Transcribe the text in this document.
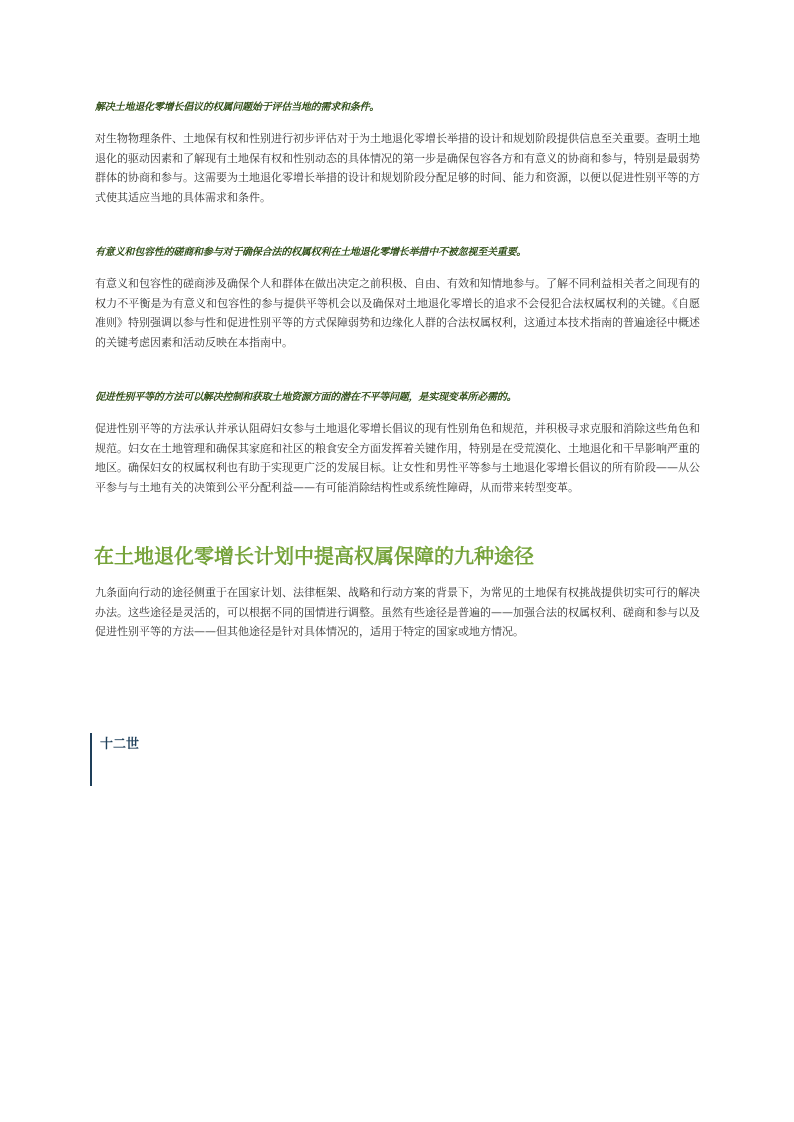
解决土地退化零增长倡议的权属问题始于评估当地的需求和条件。

对生物物理条件、土地保有权和性别进行初步评估对于为土地退化零增长举措的设计和规划阶段提供信息至关重要。查明土地退化的驱动因素和了解现有土地保有权和性别动态的具体情况的第一步是确保包容各方和有意义的协商和参与，特别是最弱势群体的协商和参与。这需要为土地退化零增长举措的设计和规划阶段分配足够的时间、能力和资源，以便以促进性别平等的方式使其适应当地的具体需求和条件。

有意义和包容性的磋商和参与对于确保合法的权属权利在土地退化零增长举措中不被忽视至关重要。

有意义和包容性的磋商涉及确保个人和群体在做出决定之前积极、自由、有效和知情地参与。了解不同利益相关者之间现有的权力不平衡是为有意义和包容性的参与提供平等机会以及确保对土地退化零增长的追求不会侵犯合法权属权利的关键。《自愿准则》特别强调以参与性和促进性别平等的方式保障弱势和边缘化人群的合法权属权利，这通过本技术指南的普遍途径中概述的关键考虑因素和活动反映在本指南中。

促进性别平等的方法可以解决控制和获取土地资源方面的潜在不平等问题，是实现变革所必需的。

促进性别平等的方法承认并承认阻碍妇女参与土地退化零增长倡议的现有性别角色和规范，并积极寻求克服和消除这些角色和规范。妇女在土地管理和确保其家庭和社区的粮食安全方面发挥着关键作用，特别是在受荒漠化、土地退化和干旱影响严重的地区。确保妇女的权属权利也有助于实现更广泛的发展目标。让女性和男性平等参与土地退化零增长倡议的所有阶段——从公平参与与土地有关的决策到公平分配利益——有可能消除结构性或系统性障碍，从而带来转型变革。

在土地退化零增长计划中提高权属保障的九种途径

九条面向行动的途径侧重于在国家计划、法律框架、战略和行动方案的背景下，为常见的土地保有权挑战提供切实可行的解决办法。这些途径是灵活的，可以根据不同的国情进行调整。虽然有些途径是普遍的——加强合法的权属权利、磋商和参与以及促进性别平等的方法——但其他途径是针对具体情况的，适用于特定的国家或地方情况。

十二世
